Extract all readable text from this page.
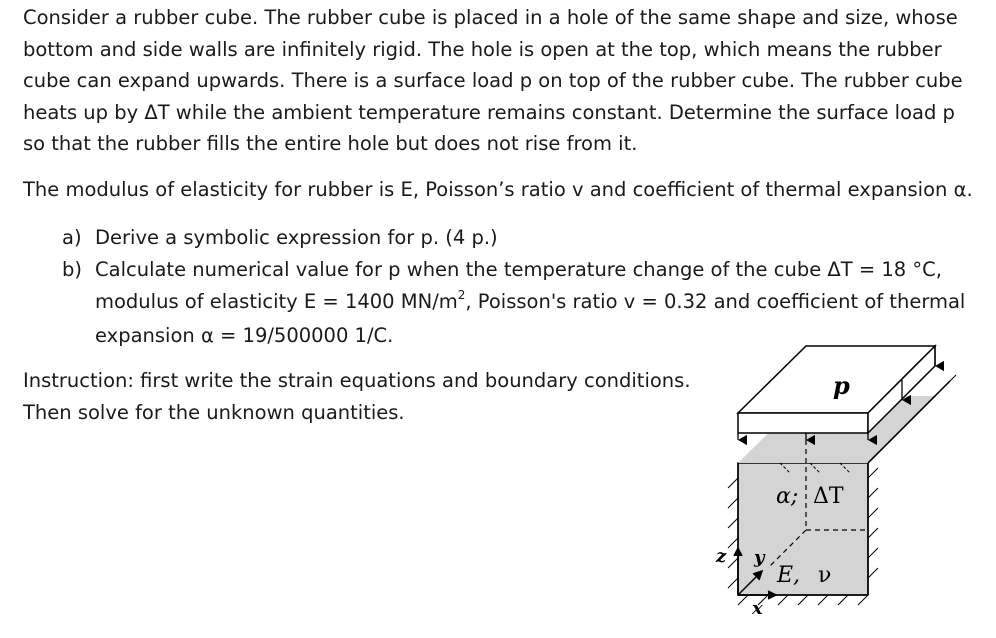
Consider a rubber cube. The rubber cube is placed in a hole of the same shape and size, whose bottom and side walls are infinitely rigid. The hole is open at the top, which means the rubber cube can expand upwards. There is a surface load p on top of the rubber cube. The rubber cube heats up by ΔT while the ambient temperature remains constant. Determine the surface load p so that the rubber fills the entire hole but does not rise from it.
The modulus of elasticity for rubber is E, Poisson’s ratio v and coefficient of thermal expansion α.
a) Derive a symbolic expression for p. (4 p.)
b) Calculate numerical value for p when the temperature change of the cube ΔT = 18 °C,
modulus of elasticity E = 1400 $MN/m^2$, Poisson's ratio v = 0.32 and coefficient of thermal
expansion α = 19/500000 1/C.
Instruction: first write the strain equations and boundary conditions.
Then solve for the unknown quantities.
p
α; ΔT
E, ν
z y
x
